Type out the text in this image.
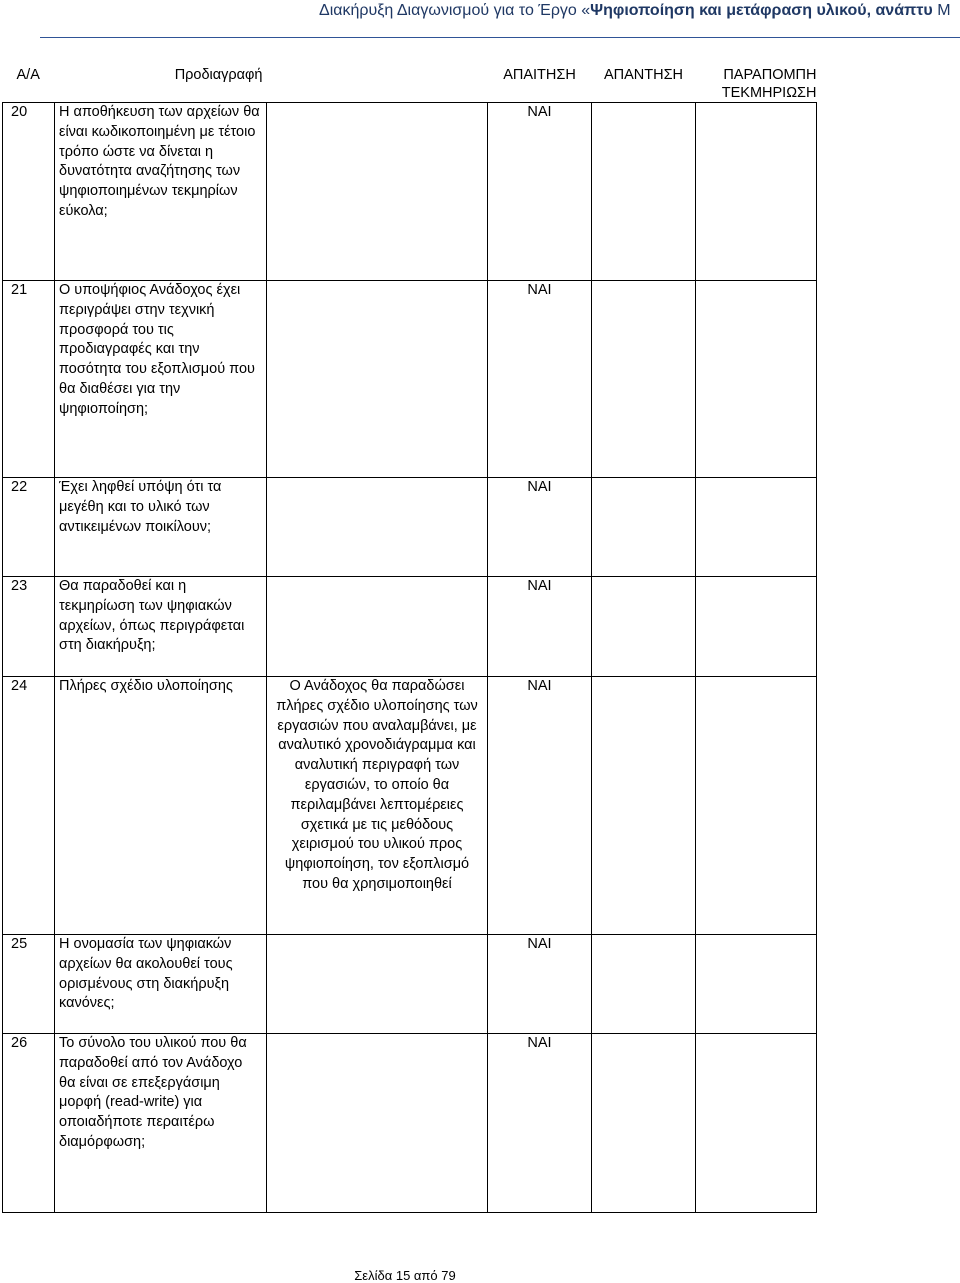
Διακήρυξη Διαγωνισμού για το Έργο «Ψηφιοποίηση και μετάφραση υλικού, ανάπτυ Μ
Α/Α	Προδιαγραφή		ΑΠΑΙΤΗΣΗ	ΑΠΑΝΤΗΣΗ	ΠΑΡΑΠΟΜΠΗ ΤΕΚΜΗΡΙΩΣΗ
20	Η αποθήκευση των αρχείων θα είναι κωδικοποιημένη με τέτοιο τρόπο ώστε να δίνεται η δυνατότητα αναζήτησης των ψηφιοποιημένων τεκμηρίων εύκολα;		ΝΑΙ		
21	Ο υποψήφιος Ανάδοχος έχει περιγράψει στην τεχνική προσφορά του τις προδιαγραφές και την ποσότητα του εξοπλισμού που θα διαθέσει για την ψηφιοποίηση;		ΝΑΙ		
22	Έχει ληφθεί υπόψη ότι τα μεγέθη και το υλικό των αντικειμένων ποικίλουν;		ΝΑΙ		
23	Θα παραδοθεί και η τεκμηρίωση των ψηφιακών αρχείων, όπως περιγράφεται στη διακήρυξη;		ΝΑΙ		
24	Πλήρες σχέδιο υλοποίησης	Ο Ανάδοχος θα παραδώσει πλήρες σχέδιο υλοποίησης των εργασιών που αναλαμβάνει, με αναλυτικό χρονοδιάγραμμα και αναλυτική περιγραφή των εργασιών, το οποίο θα περιλαμβάνει λεπτομέρειες σχετικά με τις μεθόδους χειρισμού του υλικού προς ψηφιοποίηση, τον εξοπλισμό που θα χρησιμοποιηθεί	ΝΑΙ		
25	Η ονομασία των ψηφιακών αρχείων θα ακολουθεί τους ορισμένους στη διακήρυξη κανόνες;		ΝΑΙ		
26	Το σύνολο του υλικού που θα παραδοθεί από τον Ανάδοχο θα είναι σε επεξεργάσιμη μορφή (read-write) για οποιαδήποτε περαιτέρω διαμόρφωση;		ΝΑΙ		
Σελίδα 15 από 79
